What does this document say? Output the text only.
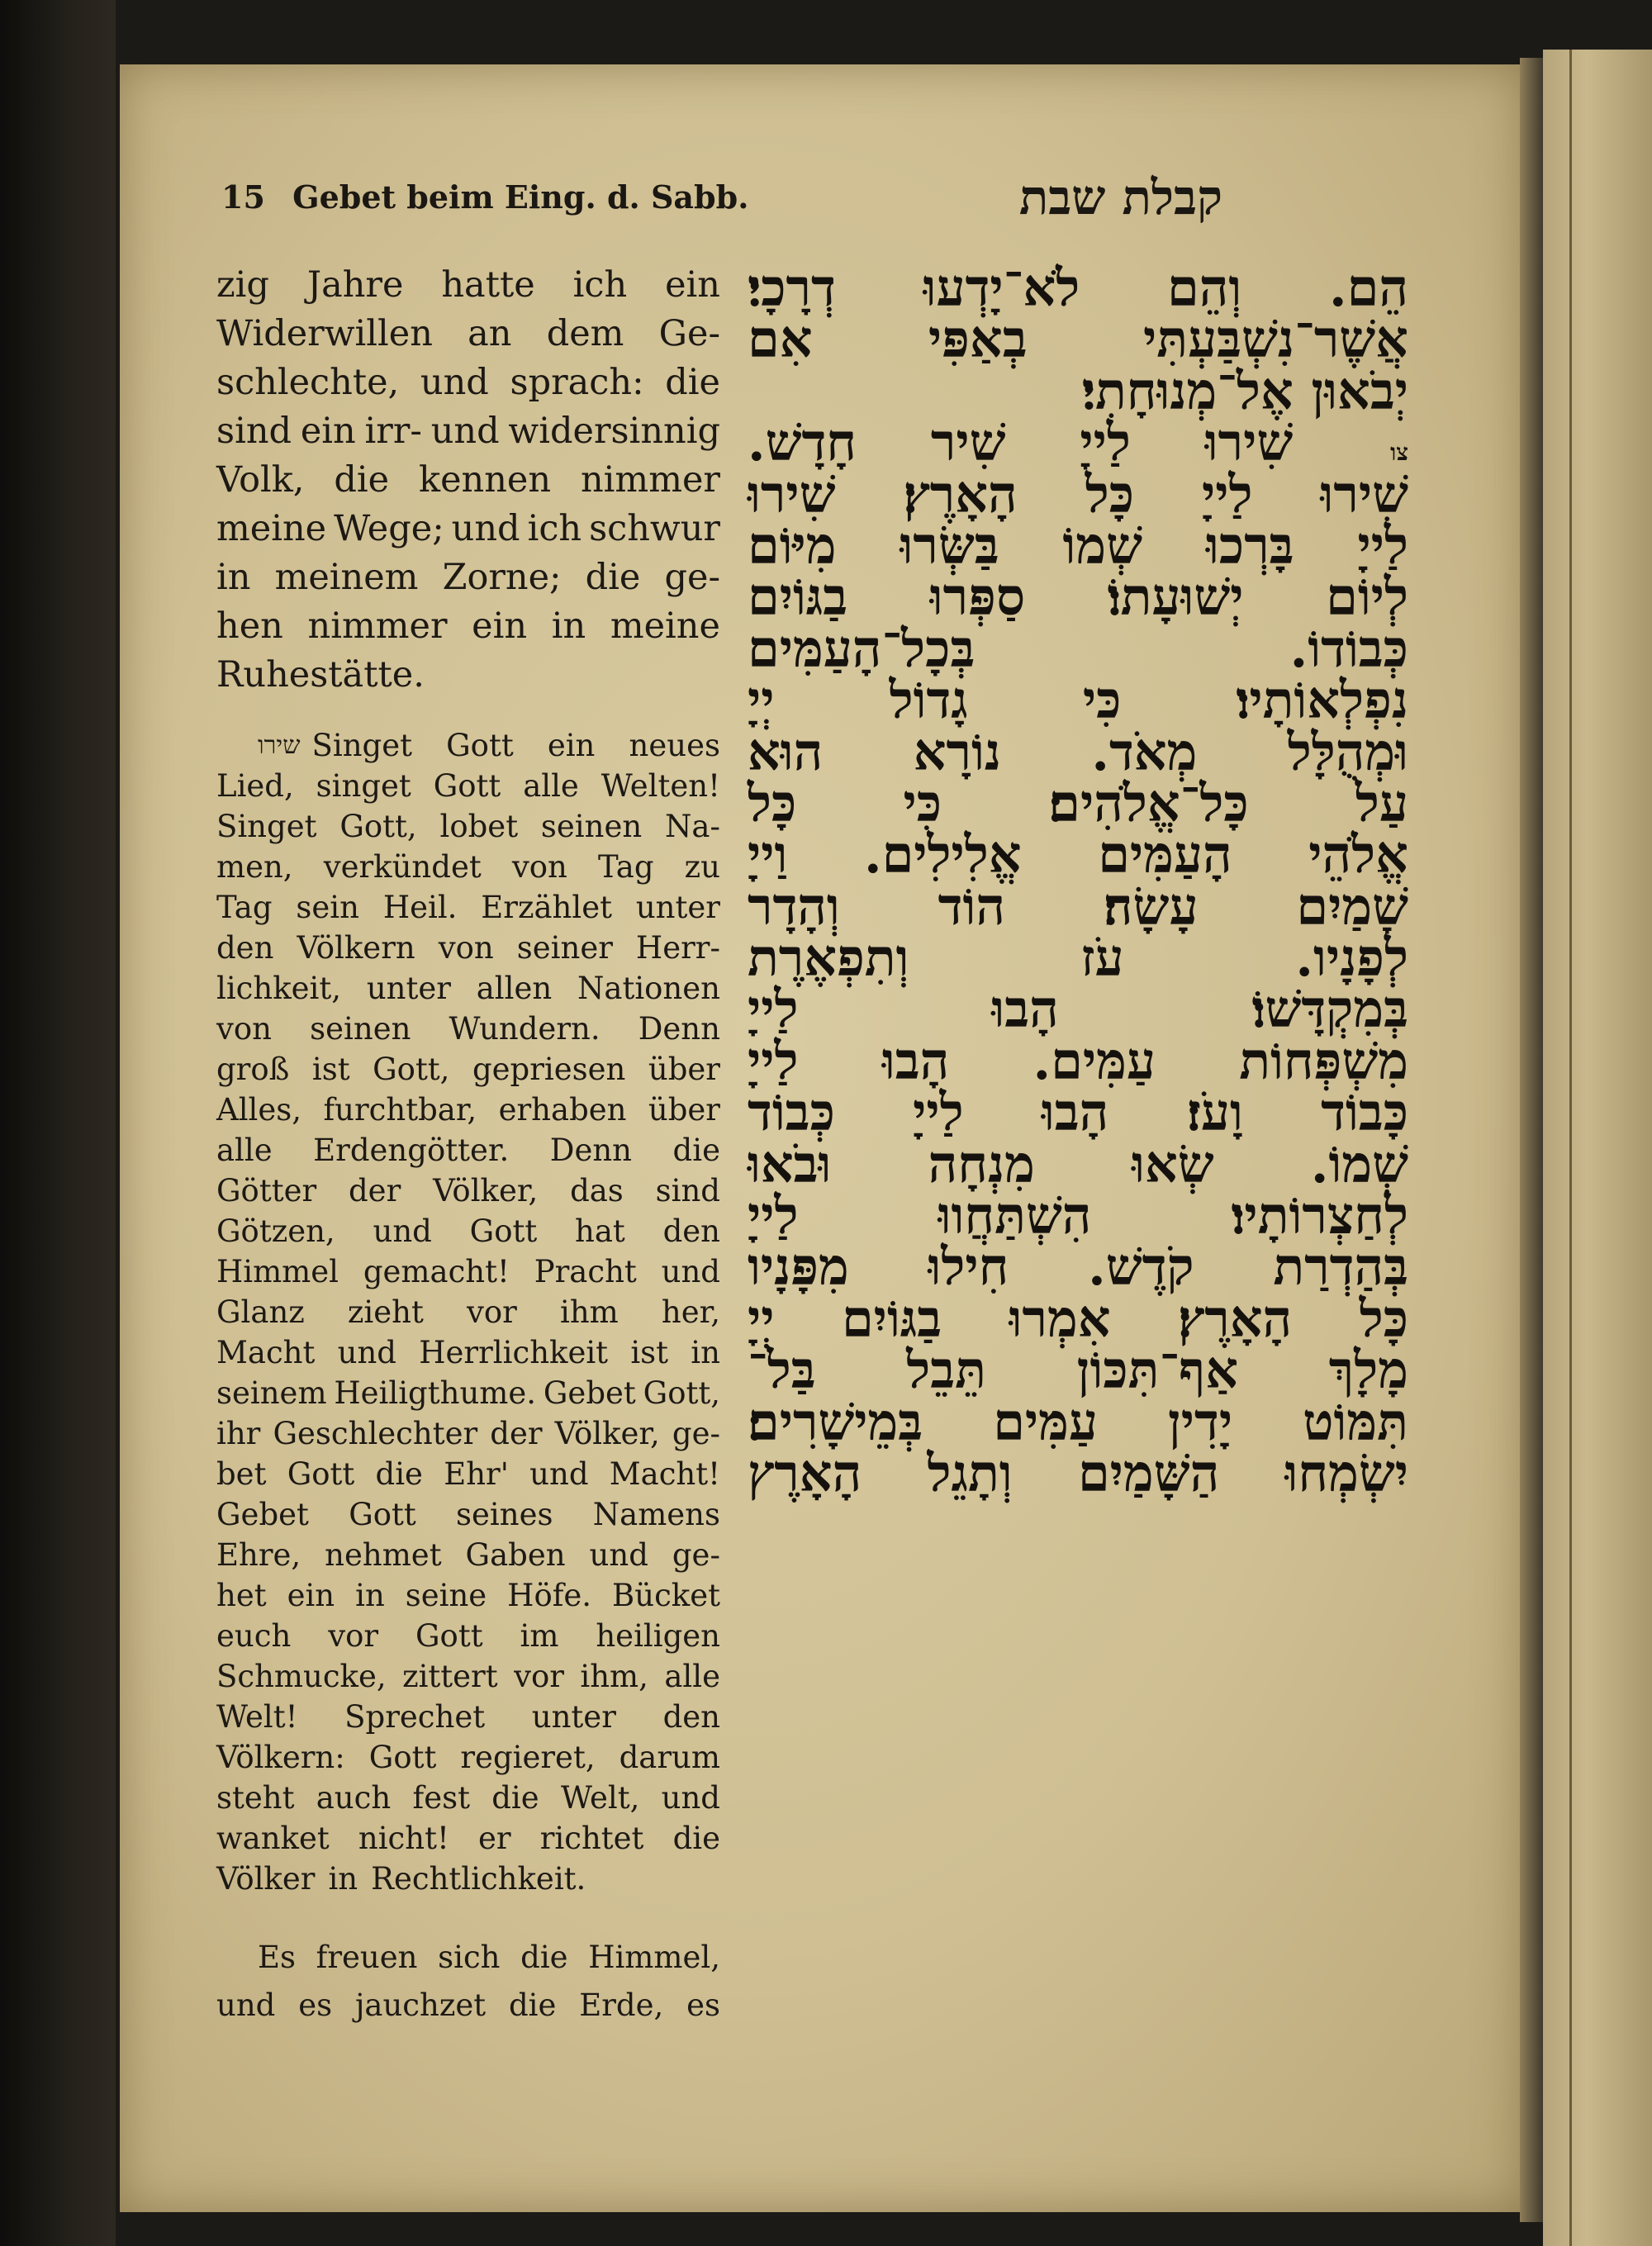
15 Gebet beim Eing. d. Sabb.	קבלת שבת
zig Jahre hatte ich ein
Widerwillen an dem Ge-
schlechte, und sprach: die
sind ein irr- und widersinnig
Volk, die kennen nimmer
meine Wege; und ich schwur
in meinem Zorne; die ge-
hen nimmer ein in meine
Ruhestätte.
שירו Singet Gott ein neues
Lied, singet Gott alle Welten!
Singet Gott, lobet seinen Na-
men, verkündet von Tag zu
Tag sein Heil. Erzählet unter
den Völkern von seiner Herr-
lichkeit, unter allen Nationen
von seinen Wundern. Denn
groß ist Gott, gepriesen über
Alles, furchtbar, erhaben über
alle Erdengötter. Denn die
Götter der Völker, das sind
Götzen, und Gott hat den
Himmel gemacht! Pracht und
Glanz zieht vor ihm her,
Macht und Herrlichkeit ist in
seinem Heiligthume. Gebet Gott,
ihr Geschlechter der Völker, ge-
bet Gott die Ehr' und Macht!
Gebet Gott seines Namens
Ehre, nehmet Gaben und ge-
het ein in seine Höfe. Bücket
euch vor Gott im heiligen
Schmucke, zittert vor ihm, alle
Welt! Sprechet unter den
Völkern: Gott regieret, darum
steht auch fest die Welt, und
wanket nicht! er richtet die
Völker in Rechtlichkeit.
Es freuen sich die Himmel,
und es jauchzet die Erde, es
הֵם. וְהֵם לֹא־יָדְעוּ דְרָכָי׃
אֲשֶׁר־נִשְׁבַּעְתִּי בְאַפִּי אִם
יְבֹאוּן אֶל־מְנוּחָתִי׃
צו שִׁירוּ לַייָ שִׁיר חָדָשׁ.
שִׁירוּ לַייָ כָּל הָאָרֶץ׃ שִׁירוּ
לַייָ בָּרְכוּ שְׁמוֹ בַּשְּׂרוּ מִיּוֹם
לְיוֹם יְשׁוּעָתוֹ׃ סַפְּרוּ בַגּוֹיִם
כְּבוֹדוֹ. בְּכָל־הָעַמִּים
נִפְלְאוֹתָיו׃ כִּי גָדוֹל יְיָ
וּמְהֻלָּל מְאֹד. נוֹרָא הוּא
עַל כָּל־אֱלֹהִים׃ כִּי כָּל
אֱלֹהֵי הָעַמִּים אֱלִילִים. וַייָ
שָׁמַיִם עָשָׂה׃ הוֹד וְהָדָר
לְפָנָיו. עֹז וְתִפְאֶרֶת
בְּמִקְדָּשׁוֹ׃ הָבוּ לַייָ
מִשְׁפְּחוֹת עַמִּים. הָבוּ לַייָ
כָּבוֹד וָעֹז׃ הָבוּ לַייָ כְּבוֹד
שְׁמוֹ. שְׂאוּ מִנְחָה וּבֹאוּ
לְחַצְרוֹתָיו׃ הִשְׁתַּחֲווּ לַייָ
בְּהַדְרַת קֹדֶשׁ. חִילוּ מִפָּנָיו
כָּל הָאָרֶץ׃ אִמְרוּ בַגּוֹיִם יְיָ
מָלָךְ אַף־תִּכּוֹן תֵּבֵל בַּל־
תִּמּוֹט יָדִין עַמִּים בְּמֵישָׁרִים׃
יִשְׂמְחוּ הַשָּׁמַיִם וְתָגֵל הָאָרֶץ
